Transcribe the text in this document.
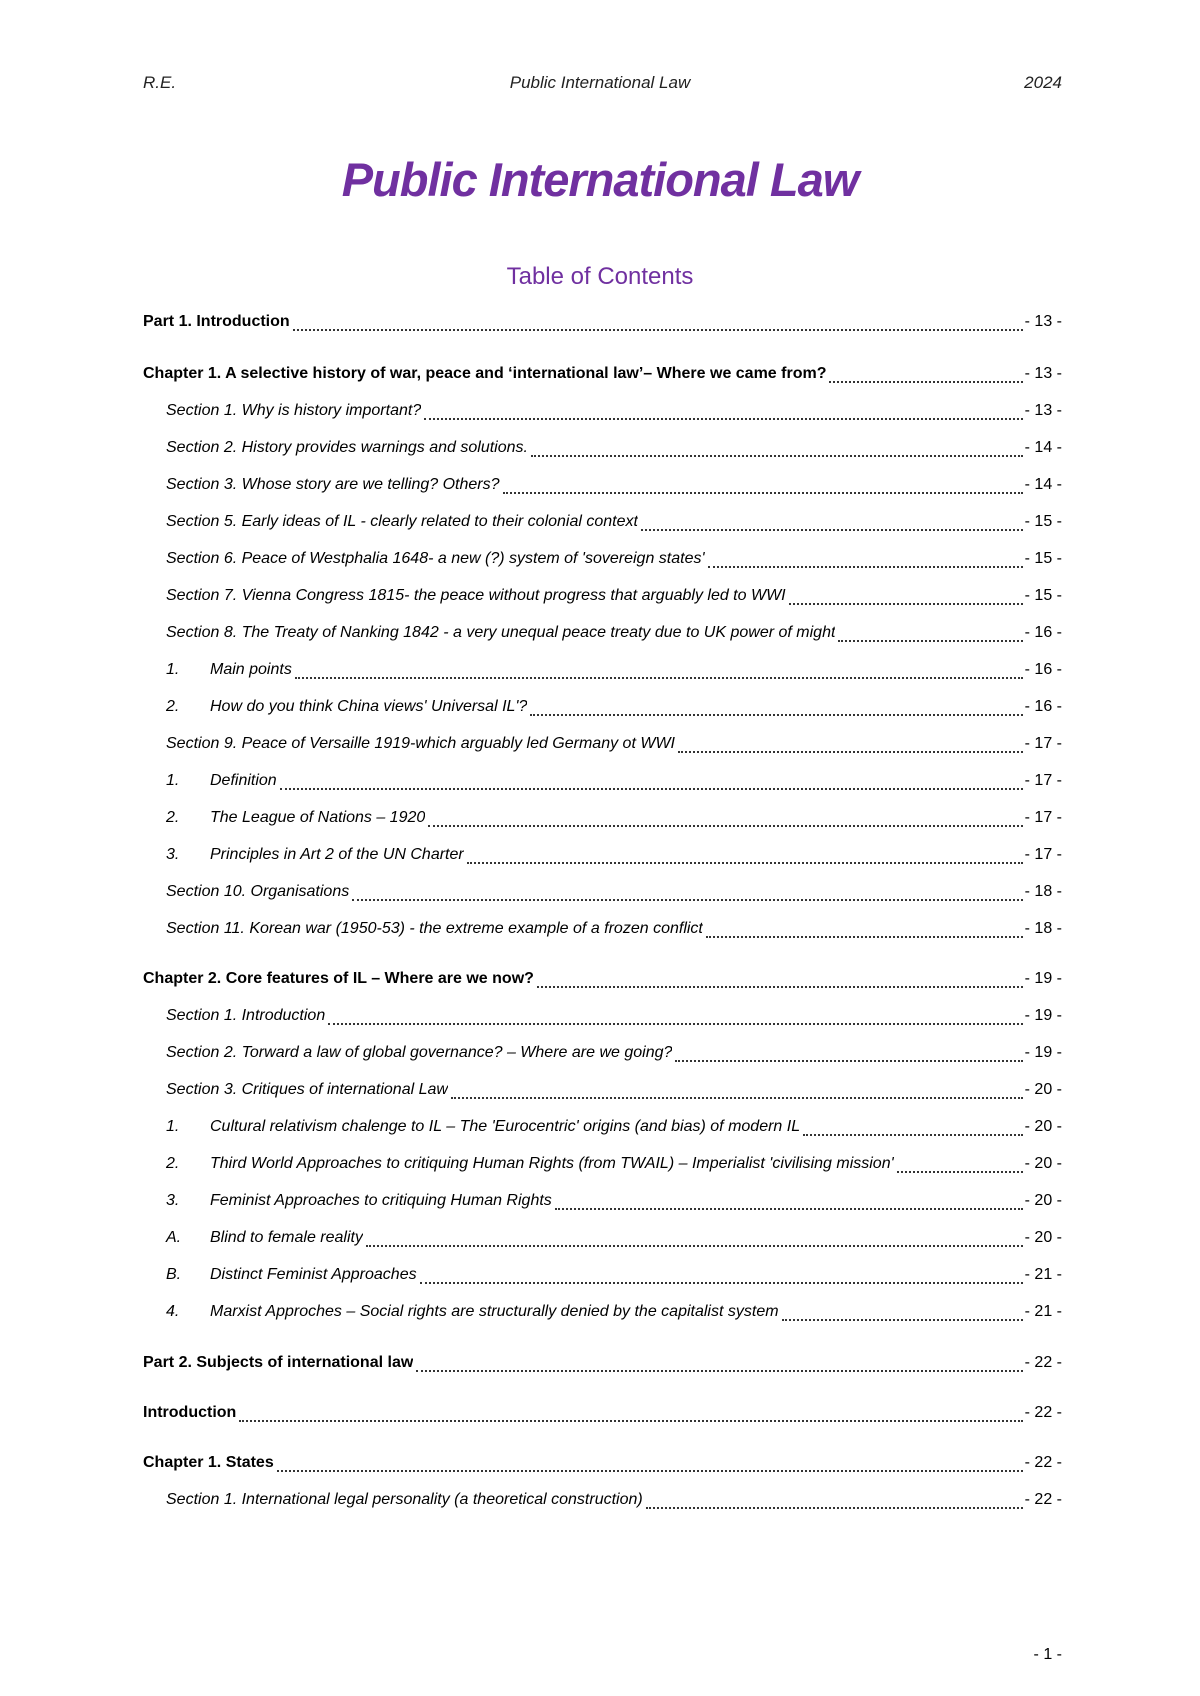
R.E.	Public International Law	2024
Public International Law
Table of Contents
Part 1. Introduction	- 13 -
Chapter 1. A selective history of war, peace and ‘international law’– Where we came from?	- 13 -
Section 1. Why is history important?	- 13 -
Section 2. History provides warnings and solutions.	- 14 -
Section 3. Whose story are we telling? Others?	- 14 -
Section 5. Early ideas of IL - clearly related to their colonial context	- 15 -
Section 6. Peace of Westphalia 1648- a new (?) system of 'sovereign states'	- 15 -
Section 7. Vienna Congress 1815- the peace without progress that arguably led to WWI	- 15 -
Section 8. The Treaty of Nanking 1842 - a very unequal peace treaty due to UK power of might	- 16 -
1.	Main points	- 16 -
2.	How do you think China views' Universal IL'?	- 16 -
Section 9. Peace of Versaille 1919-which arguably led Germany ot WWI	- 17 -
1.	Definition	- 17 -
2.	The League of Nations – 1920	- 17 -
3.	Principles in Art 2 of the UN Charter	- 17 -
Section 10. Organisations	- 18 -
Section 11. Korean war (1950-53) - the extreme example of a frozen conflict	- 18 -
Chapter 2. Core features of IL – Where are we now?	- 19 -
Section 1. Introduction	- 19 -
Section 2. Torward a law of global governance? – Where are we going?	- 19 -
Section 3. Critiques of international Law	- 20 -
1.	Cultural relativism chalenge to IL – The 'Eurocentric' origins (and bias) of modern IL	- 20 -
2.	Third World Approaches to critiquing Human Rights (from TWAIL) – Imperialist 'civilising mission'	- 20 -
3.	Feminist Approaches to critiquing Human Rights	- 20 -
A.	Blind to female reality	- 20 -
B.	Distinct Feminist Approaches	- 21 -
4.	Marxist Approches – Social rights are structurally denied by the capitalist system	- 21 -
Part 2. Subjects of international law	- 22 -
Introduction	- 22 -
Chapter 1. States	- 22 -
Section 1. International legal personality (a theoretical construction)	- 22 -
- 1 -
